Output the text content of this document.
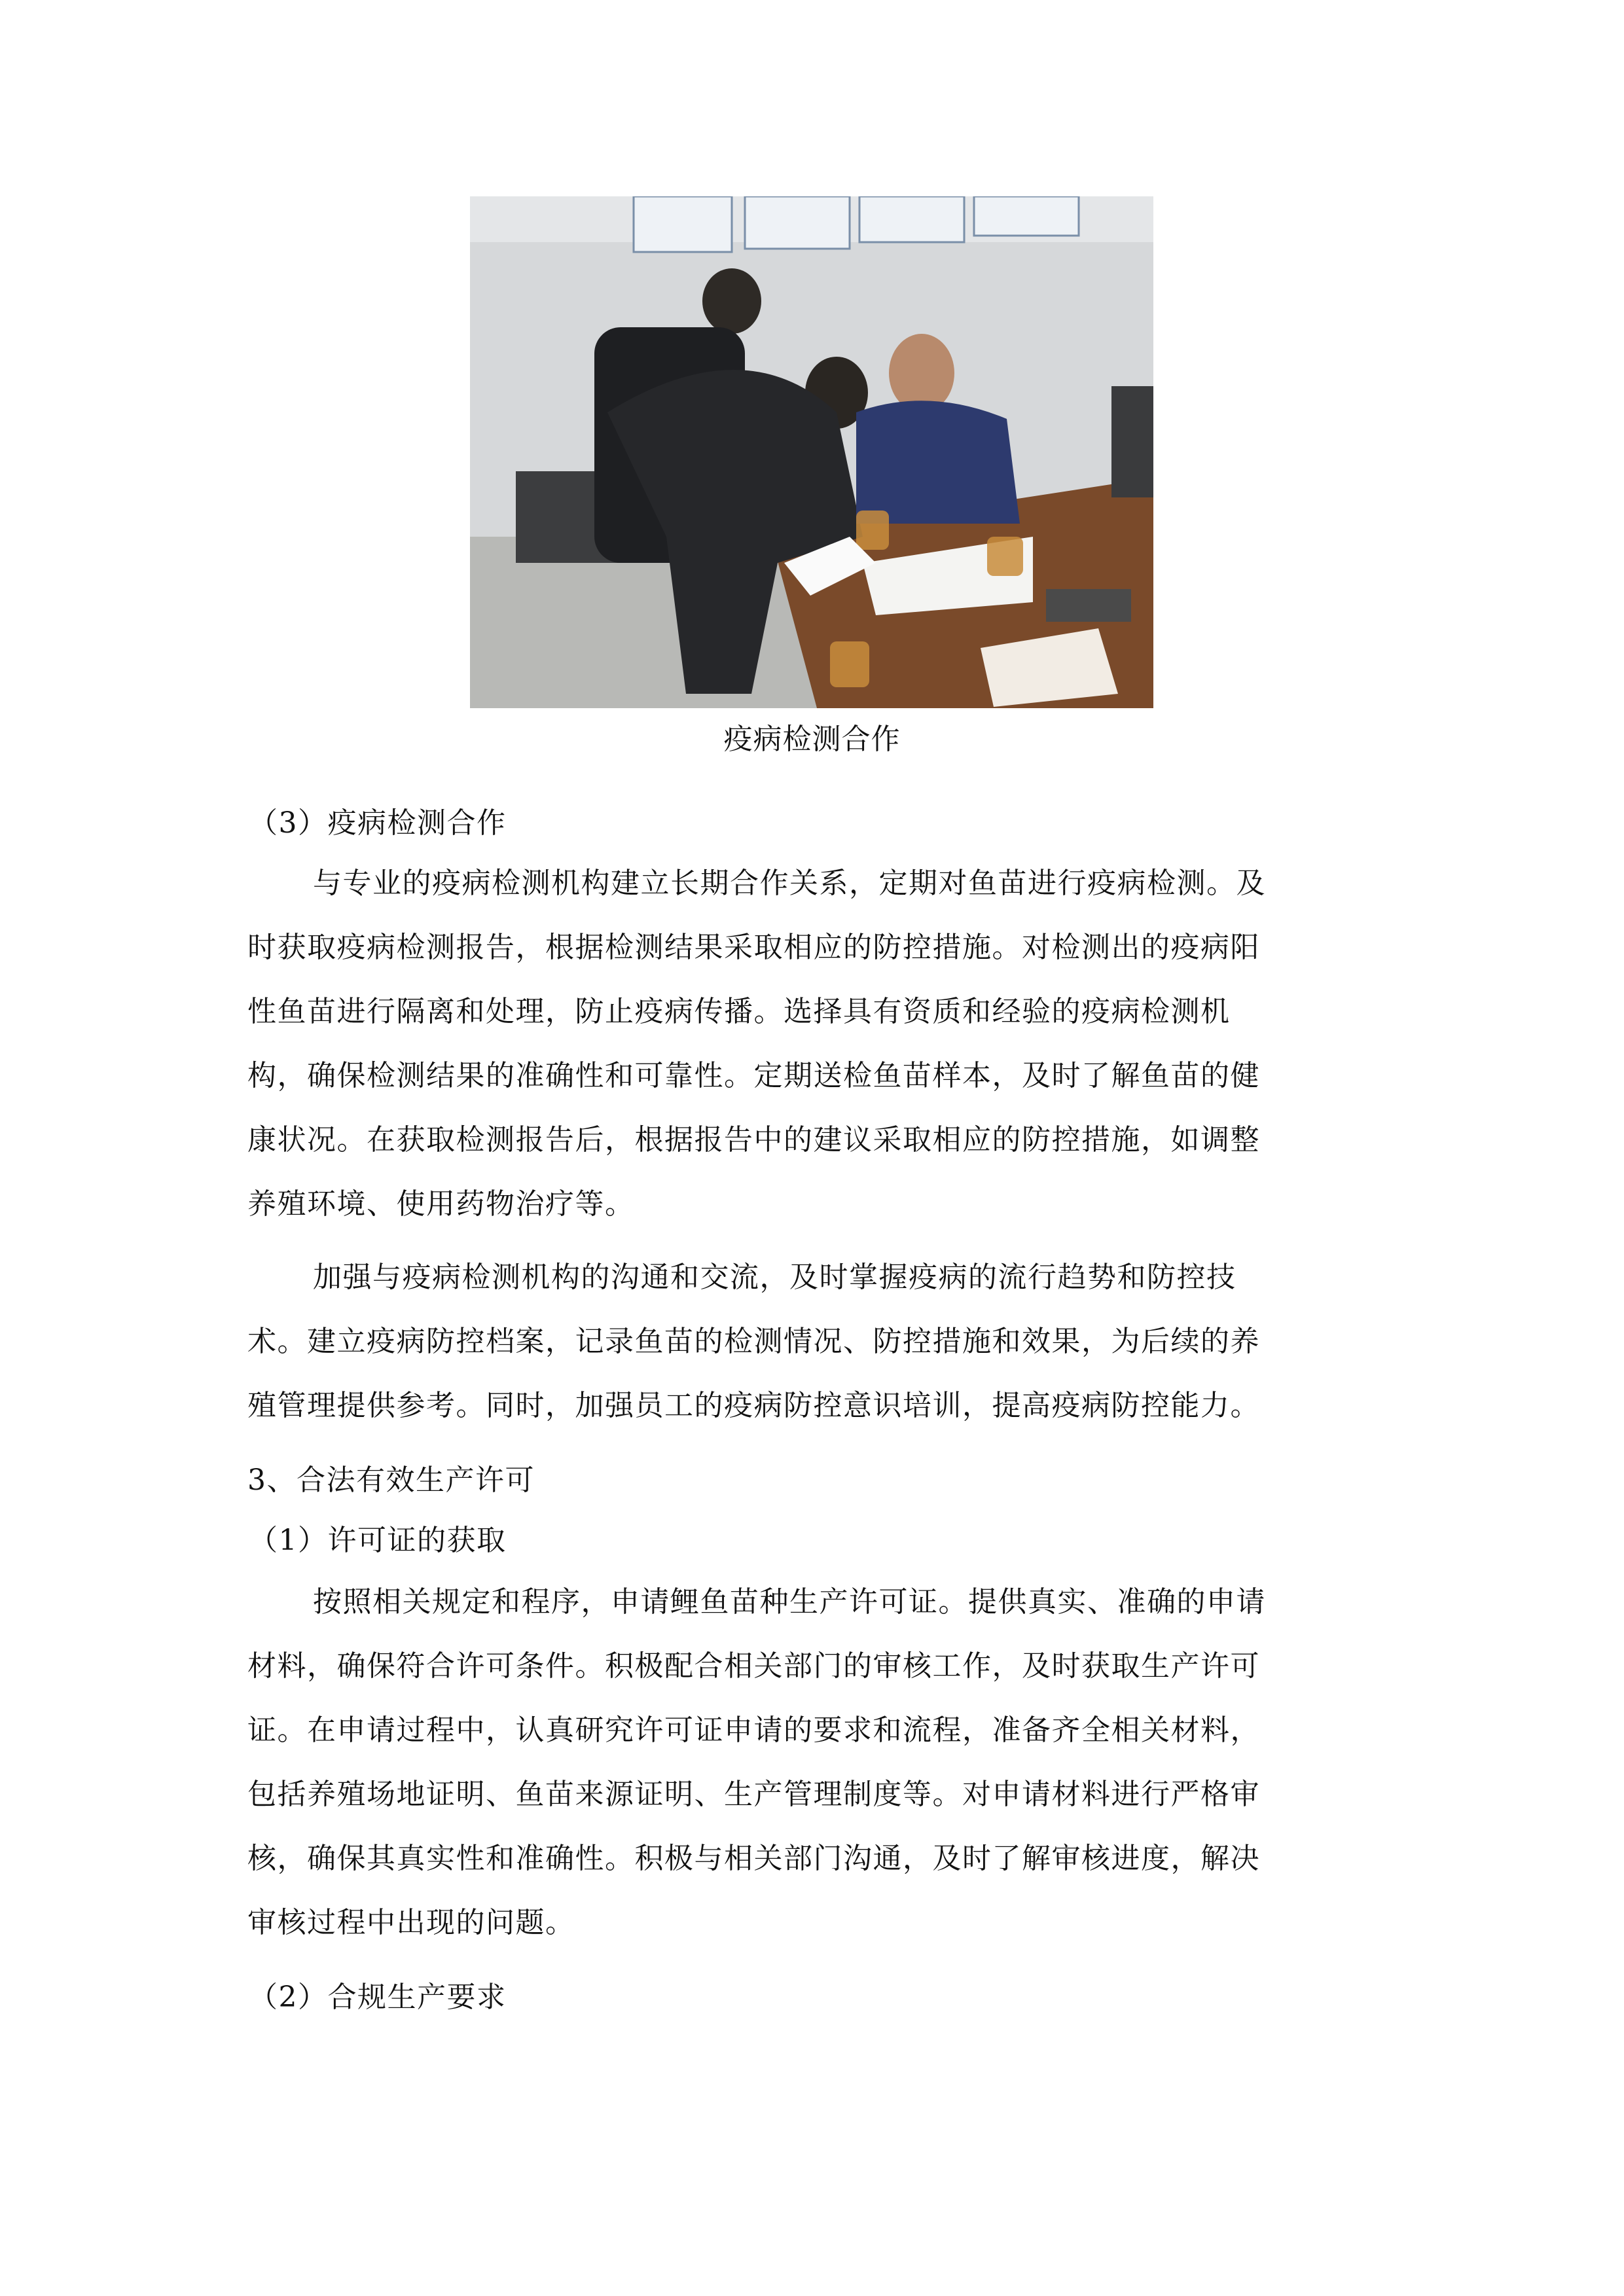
疫病检测合作
（3）疫病检测合作
与专业的疫病检测机构建立长期合作关系，定期对鱼苗进行疫病检测。及
时获取疫病检测报告，根据检测结果采取相应的防控措施。对检测出的疫病阳
性鱼苗进行隔离和处理，防止疫病传播。选择具有资质和经验的疫病检测机
构，确保检测结果的准确性和可靠性。定期送检鱼苗样本，及时了解鱼苗的健
康状况。在获取检测报告后，根据报告中的建议采取相应的防控措施，如调整
养殖环境、使用药物治疗等。
加强与疫病检测机构的沟通和交流，及时掌握疫病的流行趋势和防控技
术。建立疫病防控档案，记录鱼苗的检测情况、防控措施和效果，为后续的养
殖管理提供参考。同时，加强员工的疫病防控意识培训，提高疫病防控能力。
3、合法有效生产许可
（1）许可证的获取
按照相关规定和程序，申请鲤鱼苗种生产许可证。提供真实、准确的申请
材料，确保符合许可条件。积极配合相关部门的审核工作，及时获取生产许可
证。在申请过程中，认真研究许可证申请的要求和流程，准备齐全相关材料，
包括养殖场地证明、鱼苗来源证明、生产管理制度等。对申请材料进行严格审
核，确保其真实性和准确性。积极与相关部门沟通，及时了解审核进度，解决
审核过程中出现的问题。
（2）合规生产要求
